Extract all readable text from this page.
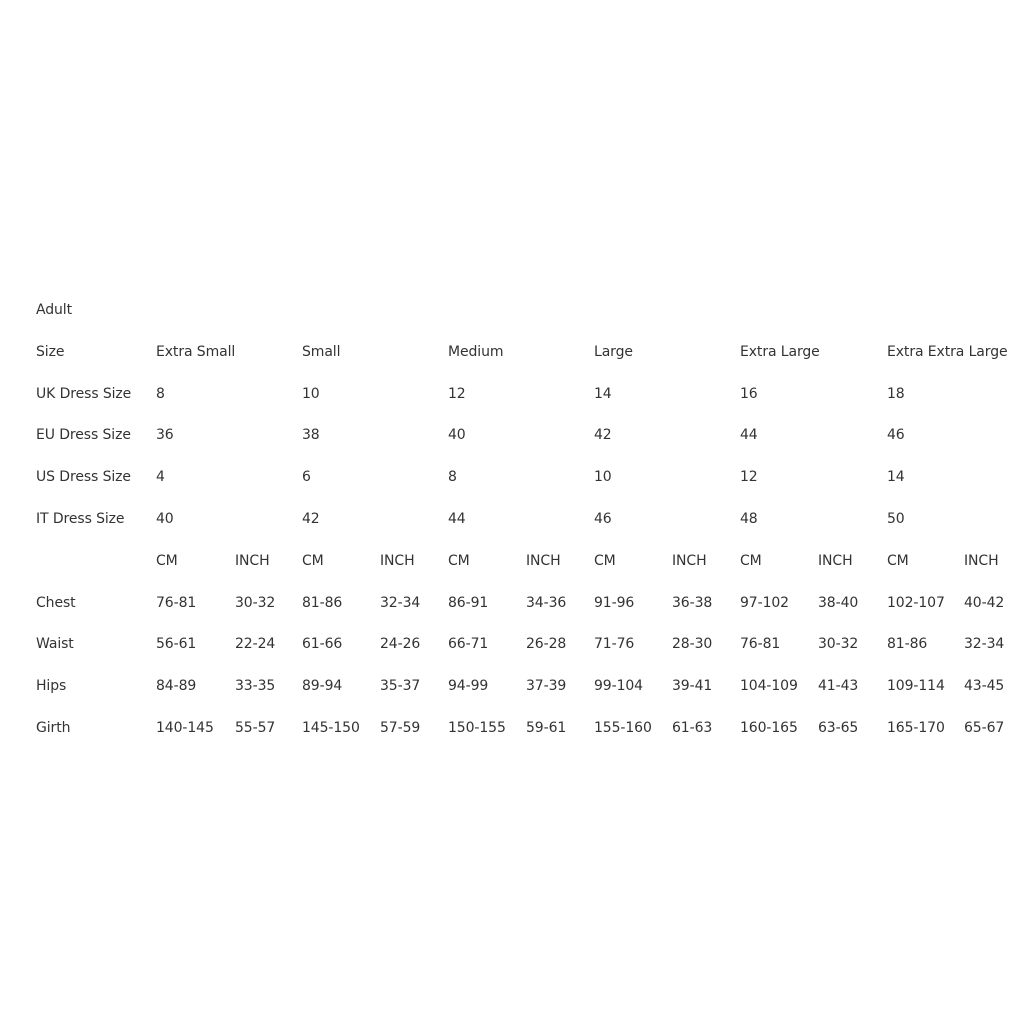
Adult
Size	Extra Small	Small	Medium	Large	Extra Large	Extra Extra Large
UK Dress Size 8	10	12	14	16	18
EU Dress Size 36	38	40	42	44	46
US Dress Size 4	6	8	10	12	14
IT Dress Size 40	42	44	46	48	50
CM	INCH CM	INCH CM	INCH CM	INCH CM	INCH CM	INCH
Chest	76-81	30-32 81-86	32-34 86-91	34-36 91-96	36-38 97-102 38-40 102-107 40-42
Waist	56-61	22-24 61-66	24-26 66-71	26-28 71-76	28-30 76-81	30-32 81-86	32-34
Hips	84-89	33-35 89-94	35-37 94-99	37-39 99-104 39-41 104-109 41-43 109-114 43-45
Girth	140-145 55-57 145-150 57-59 150-155 59-61 155-160 61-63 160-165 63-65 165-170 65-67
